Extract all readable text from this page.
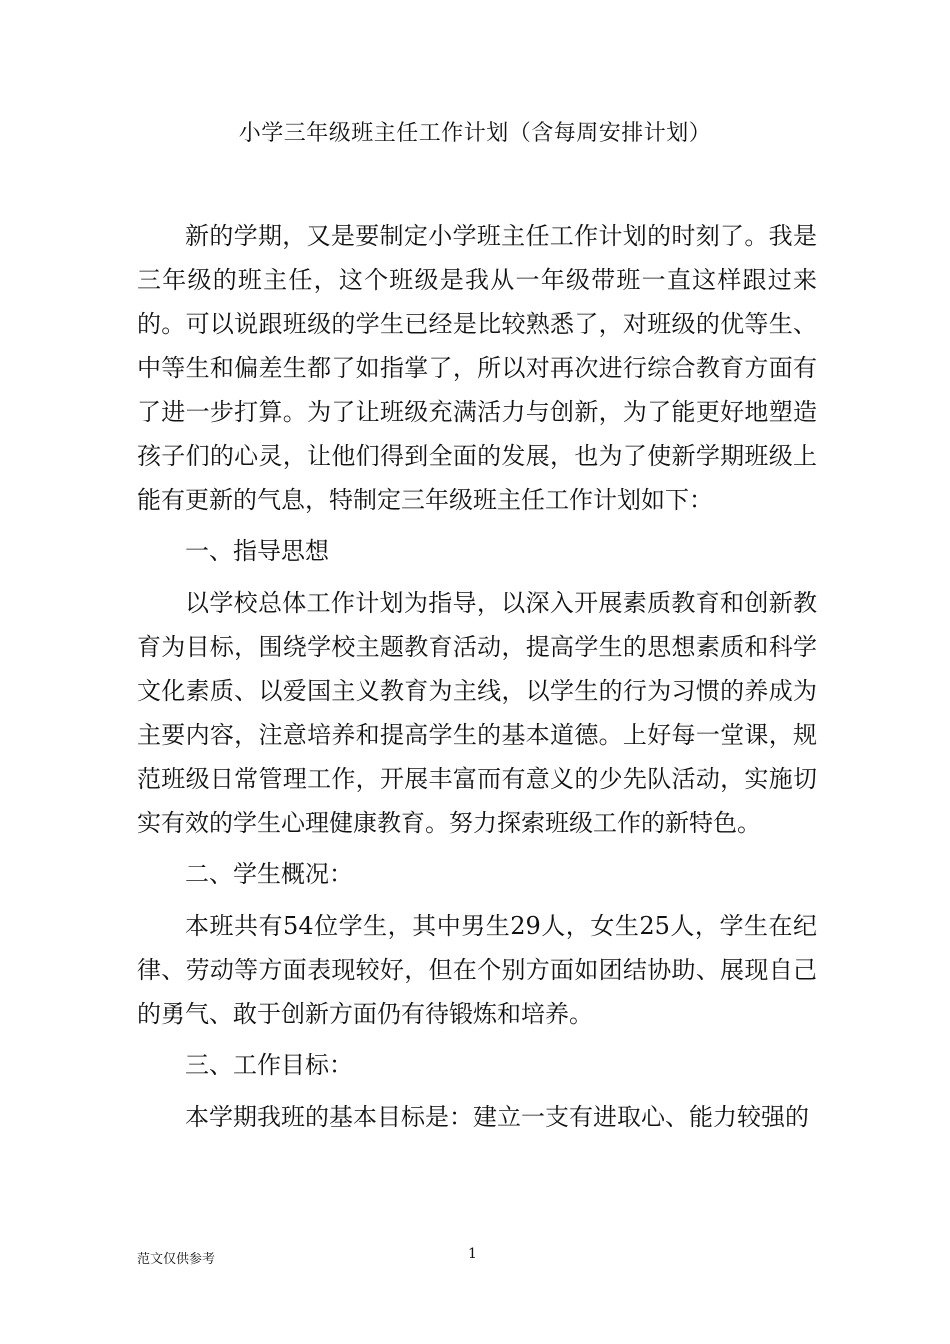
小学三年级班主任工作计划（含每周安排计划）

新的学期，又是要制定小学班主任工作计划的时刻了。我是三年级的班主任，这个班级是我从一年级带班一直这样跟过来的。可以说跟班级的学生已经是比较熟悉了，对班级的优等生、中等生和偏差生都了如指掌了，所以对再次进行综合教育方面有了进一步打算。为了让班级充满活力与创新，为了能更好地塑造孩子们的心灵，让他们得到全面的发展，也为了使新学期班级上能有更新的气息，特制定三年级班主任工作计划如下：

一、指导思想

以学校总体工作计划为指导，以深入开展素质教育和创新教育为目标，围绕学校主题教育活动，提高学生的思想素质和科学文化素质、以爱国主义教育为主线，以学生的行为习惯的养成为主要内容，注意培养和提高学生的基本道德。上好每一堂课，规范班级日常管理工作，开展丰富而有意义的少先队活动，实施切实有效的学生心理健康教育。努力探索班级工作的新特色。

二、学生概况：

本班共有54位学生，其中男生29人，女生25人，学生在纪律、劳动等方面表现较好，但在个别方面如团结协助、展现自己的勇气、敢于创新方面仍有待锻炼和培养。

三、工作目标：

本学期我班的基本目标是：建立一支有进取心、能力较强的

范文仅供参考	1
